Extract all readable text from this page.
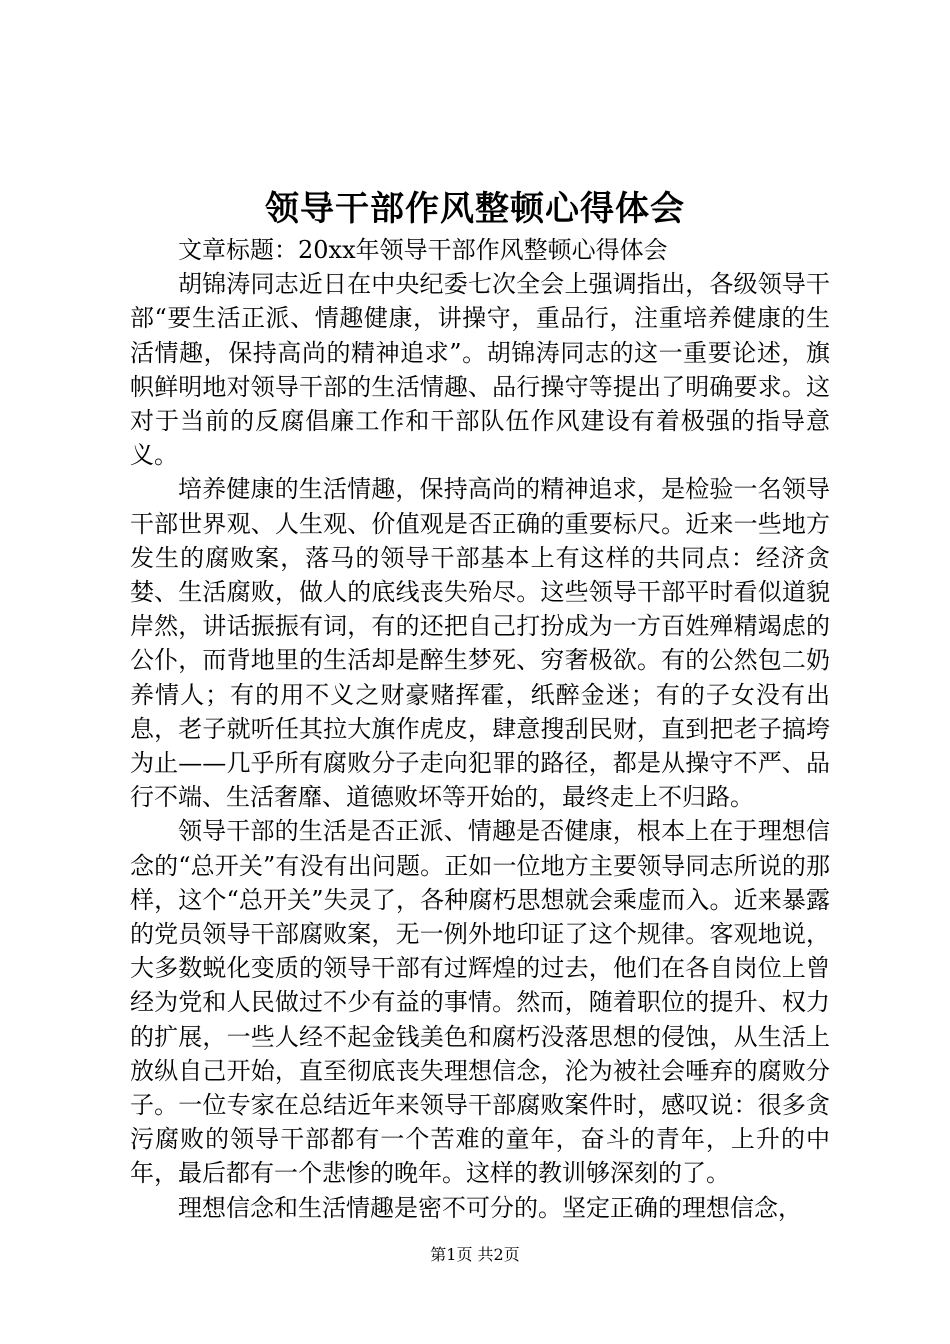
领导干部作风整顿心得体会

文章标题：20xx年领导干部作风整顿心得体会

胡锦涛同志近日在中央纪委七次全会上强调指出，各级领导干部“要生活正派、情趣健康，讲操守，重品行，注重培养健康的生活情趣，保持高尚的精神追求”。胡锦涛同志的这一重要论述，旗帜鲜明地对领导干部的生活情趣、品行操守等提出了明确要求。这对于当前的反腐倡廉工作和干部队伍作风建设有着极强的指导意义。

培养健康的生活情趣，保持高尚的精神追求，是检验一名领导干部世界观、人生观、价值观是否正确的重要标尺。近来一些地方发生的腐败案，落马的领导干部基本上有这样的共同点：经济贪婪、生活腐败，做人的底线丧失殆尽。这些领导干部平时看似道貌岸然，讲话振振有词，有的还把自己打扮成为一方百姓殚精竭虑的公仆，而背地里的生活却是醉生梦死、穷奢极欲。有的公然包二奶养情人；有的用不义之财豪赌挥霍，纸醉金迷；有的子女没有出息，老子就听任其拉大旗作虎皮，肆意搜刮民财，直到把老子搞垮为止——几乎所有腐败分子走向犯罪的路径，都是从操守不严、品行不端、生活奢靡、道德败坏等开始的，最终走上不归路。

领导干部的生活是否正派、情趣是否健康，根本上在于理想信念的“总开关”有没有出问题。正如一位地方主要领导同志所说的那样，这个“总开关”失灵了，各种腐朽思想就会乘虚而入。近来暴露的党员领导干部腐败案，无一例外地印证了这个规律。客观地说，大多数蜕化变质的领导干部有过辉煌的过去，他们在各自岗位上曾经为党和人民做过不少有益的事情。然而，随着职位的提升、权力的扩展，一些人经不起金钱美色和腐朽没落思想的侵蚀，从生活上放纵自己开始，直至彻底丧失理想信念，沦为被社会唾弃的腐败分子。一位专家在总结近年来领导干部腐败案件时，感叹说：很多贪污腐败的领导干部都有一个苦难的童年，奋斗的青年，上升的中年，最后都有一个悲惨的晚年。这样的教训够深刻的了。

理想信念和生活情趣是密不可分的。坚定正确的理想信念，

第1页 共2页
